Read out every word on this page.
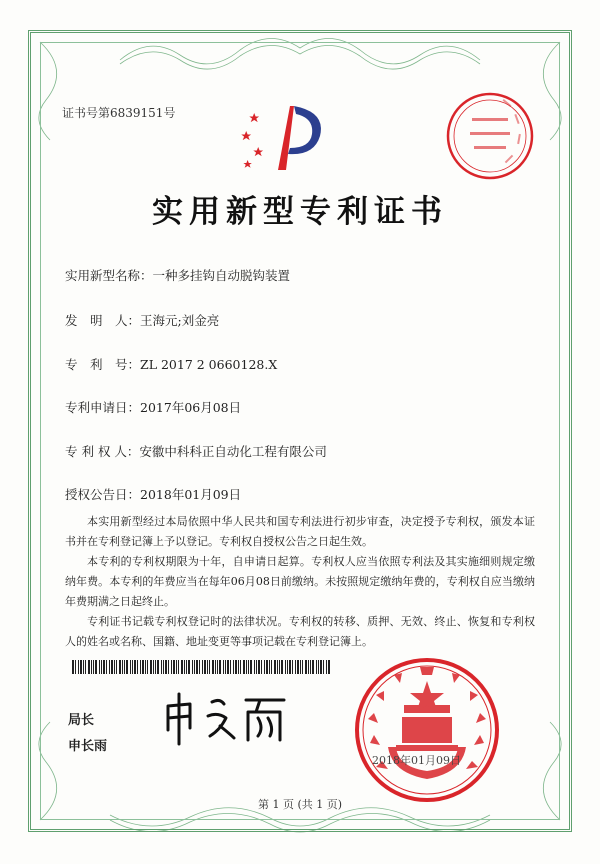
证书号第6839151号
实用新型专利证书
实用新型名称：一种多挂钩自动脱钩装置
发　明　人：王海元;刘金亮
专　利　号：ZL 2017 2 0660128.X
专利申请日：2017年06月08日
专 利 权 人：安徽中科科正自动化工程有限公司
授权公告日：2018年01月09日

本实用新型经过本局依照中华人民共和国专利法进行初步审查，决定授予专利权，颁发本证书并在专利登记簿上予以登记。专利权自授权公告之日起生效。

本专利的专利权期限为十年，自申请日起算。专利权人应当依照专利法及其实施细则规定缴纳年费。本专利的年费应当在每年06月08日前缴纳。未按照规定缴纳年费的，专利权自应当缴纳年费期满之日起终止。

专利证书记载专利权登记时的法律状况。专利权的转移、质押、无效、终止、恢复和专利权人的姓名或名称、国籍、地址变更等事项记载在专利登记簿上。

局长
申长雨
2018年01月09日
第 1 页 (共 1 页)
